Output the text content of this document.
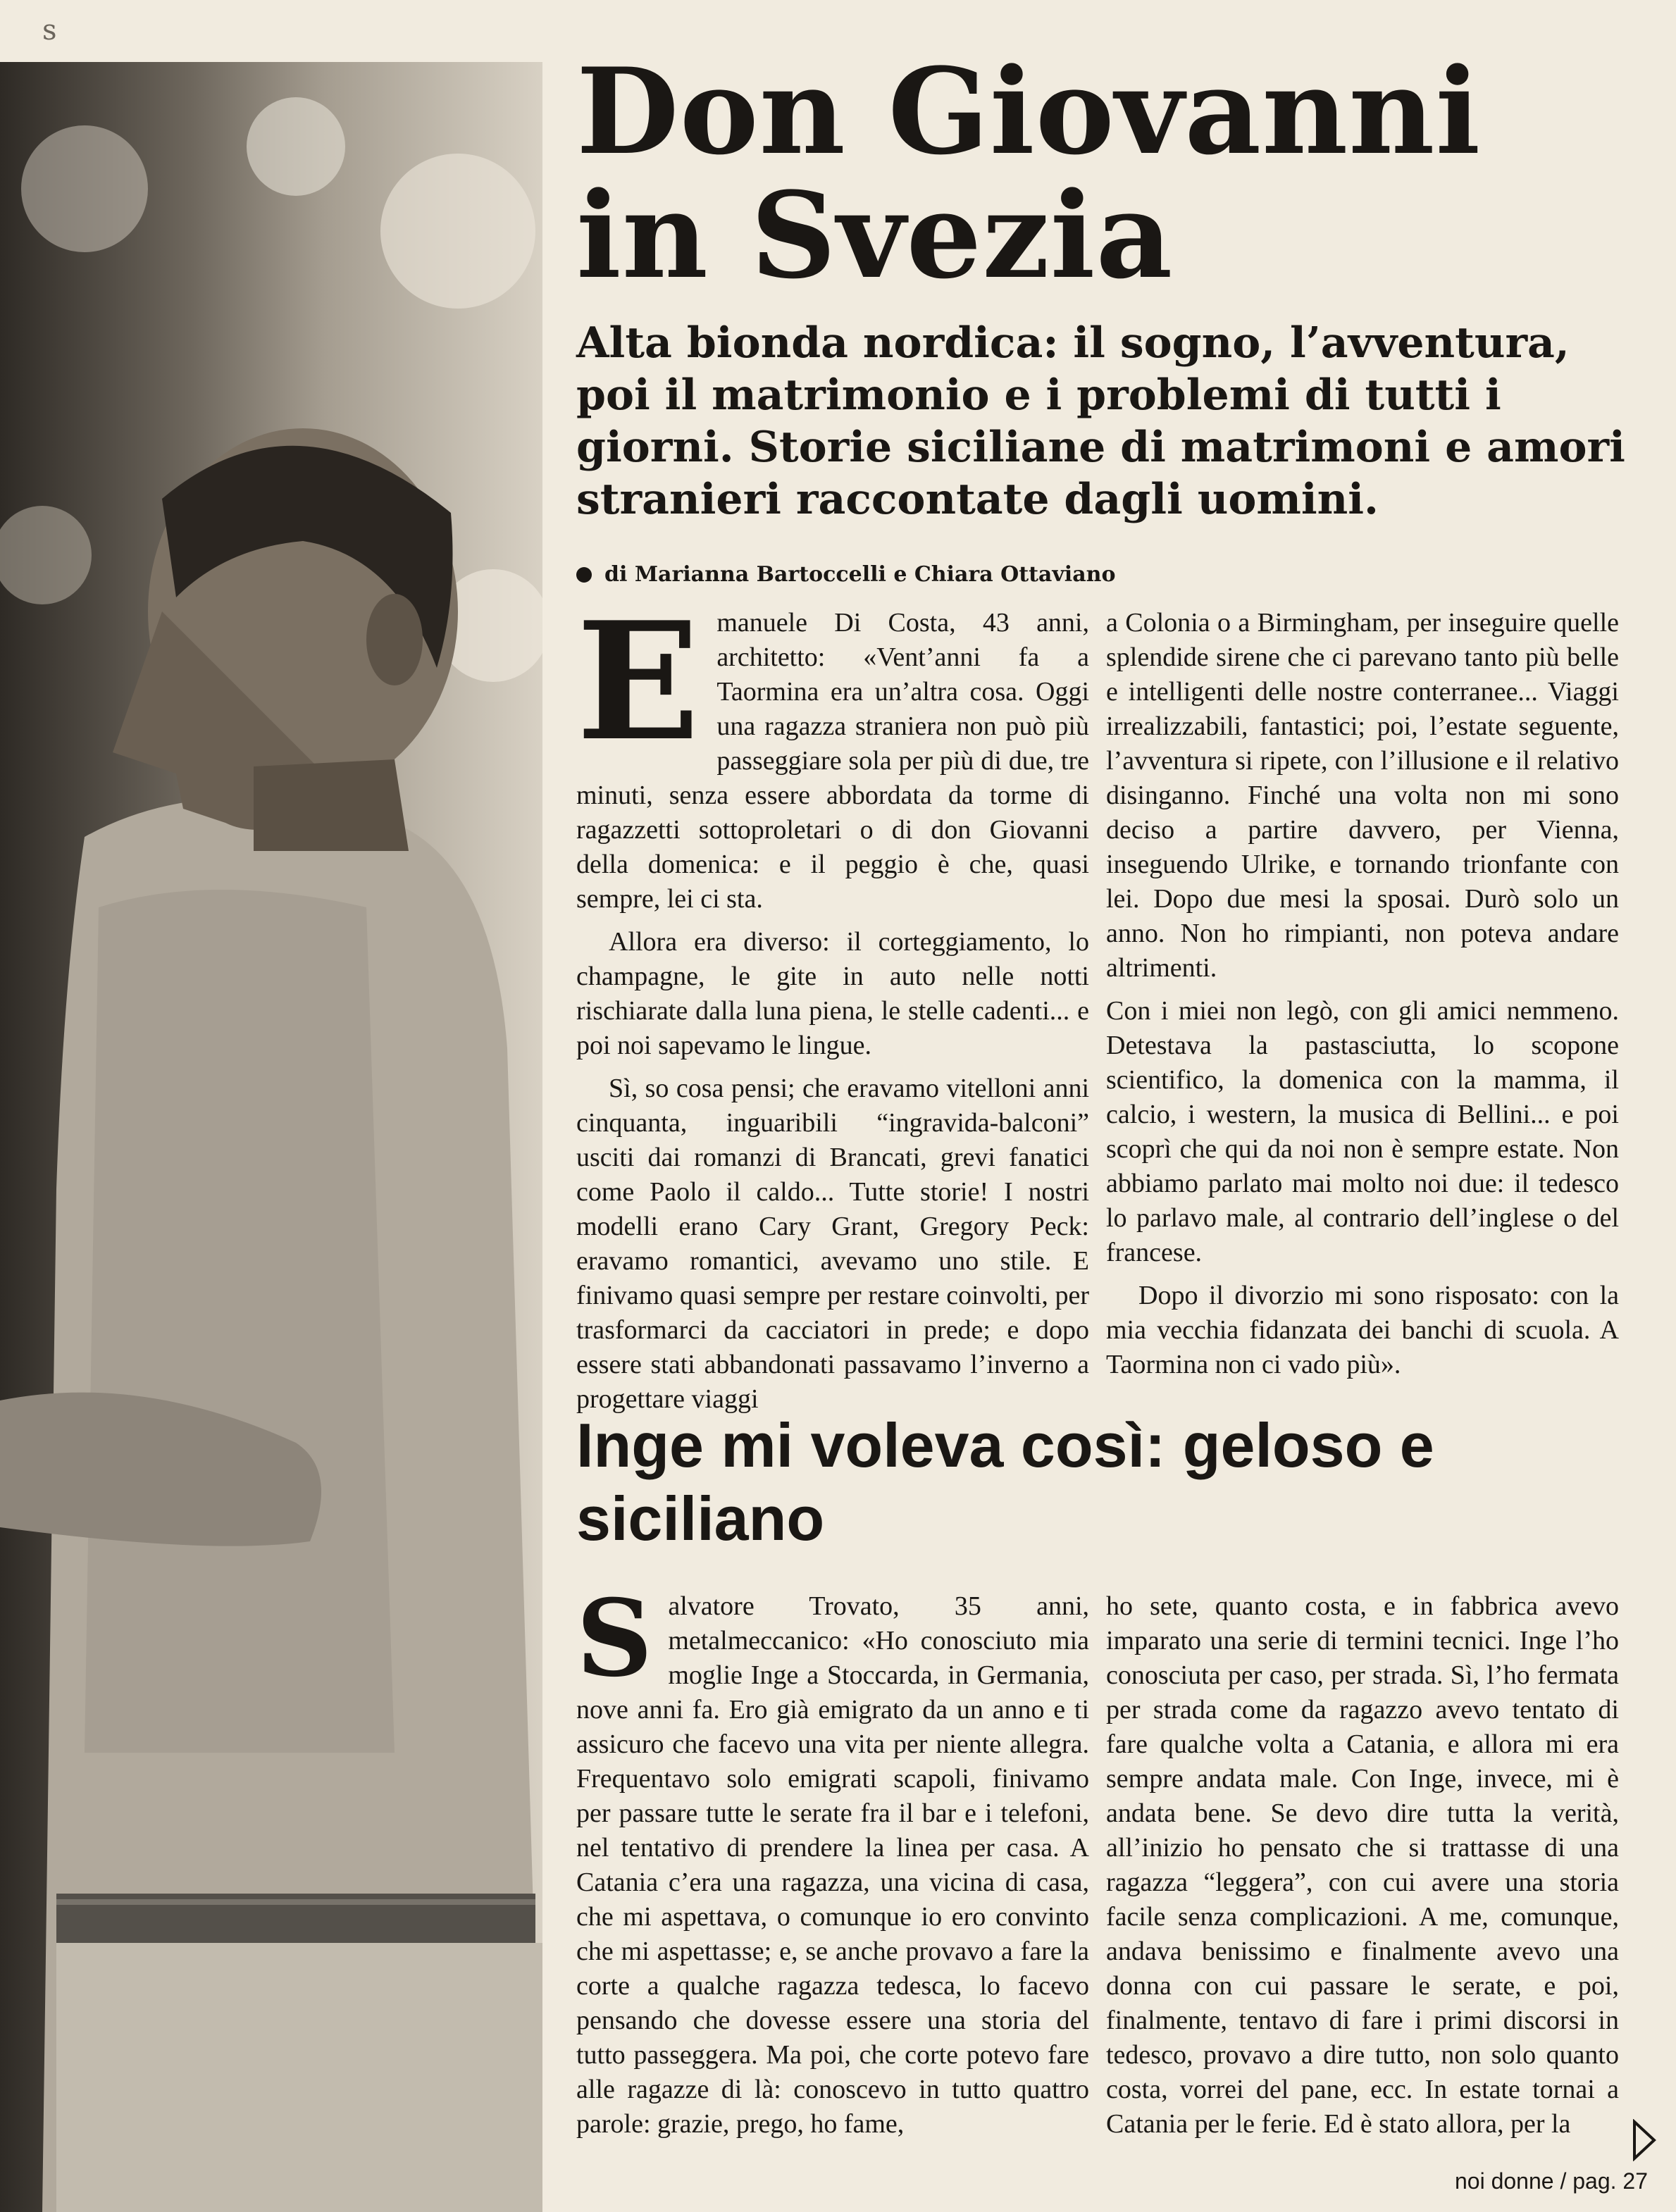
s
Don Giovanni in Svezia
Alta bionda nordica: il sogno, l’avventura, poi il matrimonio e i problemi di tutti i giorni. Storie siciliane di matrimoni e amori stranieri raccontate dagli uomini.
di Marianna Bartoccelli e Chiara Ottaviano
E manuele Di Costa, 43 anni, architetto: «Vent’anni fa a Taormina era un’altra cosa. Oggi una ragazza straniera non può più passeggiare sola per più di due, tre minuti, senza essere abbordata da torme di ragazzetti sottoproletari o di don Giovanni della domenica: e il peggio è che, quasi sempre, lei ci sta.

Allora era diverso: il corteggiamento, lo champagne, le gite in auto nelle notti rischiarate dalla luna piena, le stelle cadenti... e poi noi sapevamo le lingue.

Sì, so cosa pensi; che eravamo vitelloni anni cinquanta, inguaribili “ingravida-balconi” usciti dai romanzi di Brancati, grevi fanatici come Paolo il caldo... Tutte storie! I nostri modelli erano Cary Grant, Gregory Peck: eravamo romantici, avevamo uno stile. E finivamo quasi sempre per restare coinvolti, per trasformarci da cacciatori in prede; e dopo essere stati abbandonati passavamo l’inverno a progettare viaggi

a Colonia o a Birmingham, per inseguire quelle splendide sirene che ci parevano tanto più belle e intelligenti delle nostre conterranee... Viaggi irrealizzabili, fantastici; poi, l’estate seguente, l’avventura si ripete, con l’illusione e il relativo disinganno. Finché una volta non mi sono deciso a partire davvero, per Vienna, inseguendo Ulrike, e tornando trionfante con lei. Dopo due mesi la sposai. Durò solo un anno. Non ho rimpianti, non poteva andare altrimenti.

Con i miei non legò, con gli amici nemmeno. Detestava la pastasciutta, lo scopone scientifico, la domenica con la mamma, il calcio, i western, la musica di Bellini... e poi scoprì che qui da noi non è sempre estate. Non abbiamo parlato mai molto noi due: il tedesco lo parlavo male, al contrario dell’inglese o del francese.

Dopo il divorzio mi sono risposato: con la mia vecchia fidanzata dei banchi di scuola. A Taormina non ci vado più».

Inge mi voleva così: geloso e siciliano
S alvatore Trovato, 35 anni, metalmeccanico: «Ho conosciuto mia moglie Inge a Stoccarda, in Germania, nove anni fa. Ero già emigrato da un anno e ti assicuro che facevo una vita per niente allegra. Frequentavo solo emigrati scapoli, finivamo per passare tutte le serate fra il bar e i telefoni, nel tentativo di prendere la linea per casa. A Catania c’era una ragazza, una vicina di casa, che mi aspettava, o comunque io ero convinto che mi aspettasse; e, se anche provavo a fare la corte a qualche ragazza tedesca, lo facevo pensando che dovesse essere una storia del tutto passeggera. Ma poi, che corte potevo fare alle ragazze di là: conoscevo in tutto quattro parole: grazie, prego, ho fame,

ho sete, quanto costa, e in fabbrica avevo imparato una serie di termini tecnici. Inge l’ho conosciuta per caso, per strada. Sì, l’ho fermata per strada come da ragazzo avevo tentato di fare qualche volta a Catania, e allora mi era sempre andata male. Con Inge, invece, mi è andata bene. Se devo dire tutta la verità, all’inizio ho pensato che si trattasse di una ragazza “leggera”, con cui avere una storia facile senza complicazioni. A me, comunque, andava benissimo e finalmente avevo una donna con cui passare le serate, e poi, finalmente, tentavo di fare i primi discorsi in tedesco, provavo a dire tutto, non solo quanto costa, vorrei del pane, ecc. In estate tornai a Catania per le ferie. Ed è stato allora, per la

noi donne / pag. 27
